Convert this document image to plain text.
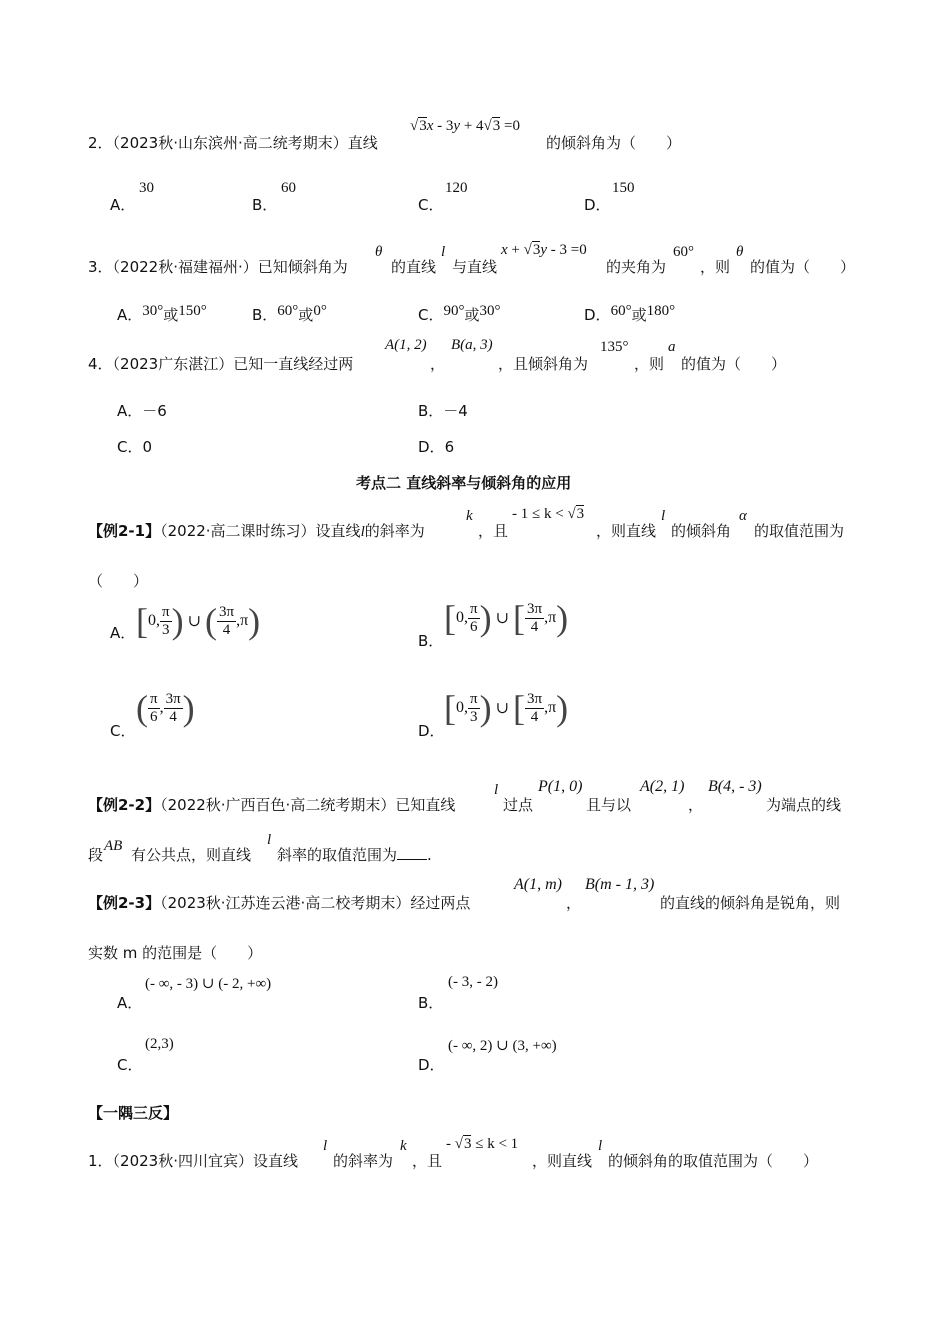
2．（2023秋·山东滨州·高二统考期末）直线
√3x - 3y + 4√3 =0
的倾斜角为（　　）
A．
30
B．
60
C．
120
D．
150
3．（2022秋·福建福州·）已知倾斜角为
θ
的直线
l
与直线
x + √3y - 3 =0
的夹角为
60°
，则
θ
的值为（　　）
A．30°或150°	B．60°或0°	C．90°或30°	D．60°或180°
4．（2023广东湛江）已知一直线经过两
A(1, 2)
，
B(a, 3)
，且倾斜角为
135°
，则
a
的值为（　　）
A．－6	B．－4
C．0	D．6
考点二 直线斜率与倾斜角的应用
【例2-1】（2022·高二课时练习）设直线l的斜率为
k
，且
- 1 ≤ k < √3
，则直线
l
的倾斜角
α
的取值范围为
（　　）
A． [0, $\frac{\pi}{3}$ ) ∪ ( $\frac{3\pi}{4} ,\pi$)	B．
[0, $\frac{\pi}{6}$ ) ∪ [ $\frac{3\pi}{4} ,\pi$)
C．
( $\frac{\pi}{6}$ , $\frac{3\pi}{4}$ )
D．
[0, $\frac{\pi}{3}$ ) ∪ [ $\frac{3\pi}{4} ,\pi$)
【例2-2】（2022秋·广西百色·高二统考期末）已知直线
l
过点
P(1, 0)
且与以
A(2, 1)
，
B(4, - 3)
为端点的线
段 AB 有公共点，则直线
l
斜率的取值范围为 .
【例2-3】（2023秋·江苏连云港·高二校考期末）经过两点
A(1, m)
，
B(m - 1, 3)
的直线的倾斜角是锐角，则
实数 m 的范围是（　　）
A．
(- ∞, - 3) ∪ (- 2, +∞)
B．
(- 3, - 2)
C．
(2,3)
D．
(- ∞, 2) ∪ (3, +∞)
【一隅三反】
1．（2023秋·四川宜宾）设直线
l
的斜率为
k
，且
- √3 ≤ k < 1
，则直线
l
的倾斜角的取值范围为（　　）
